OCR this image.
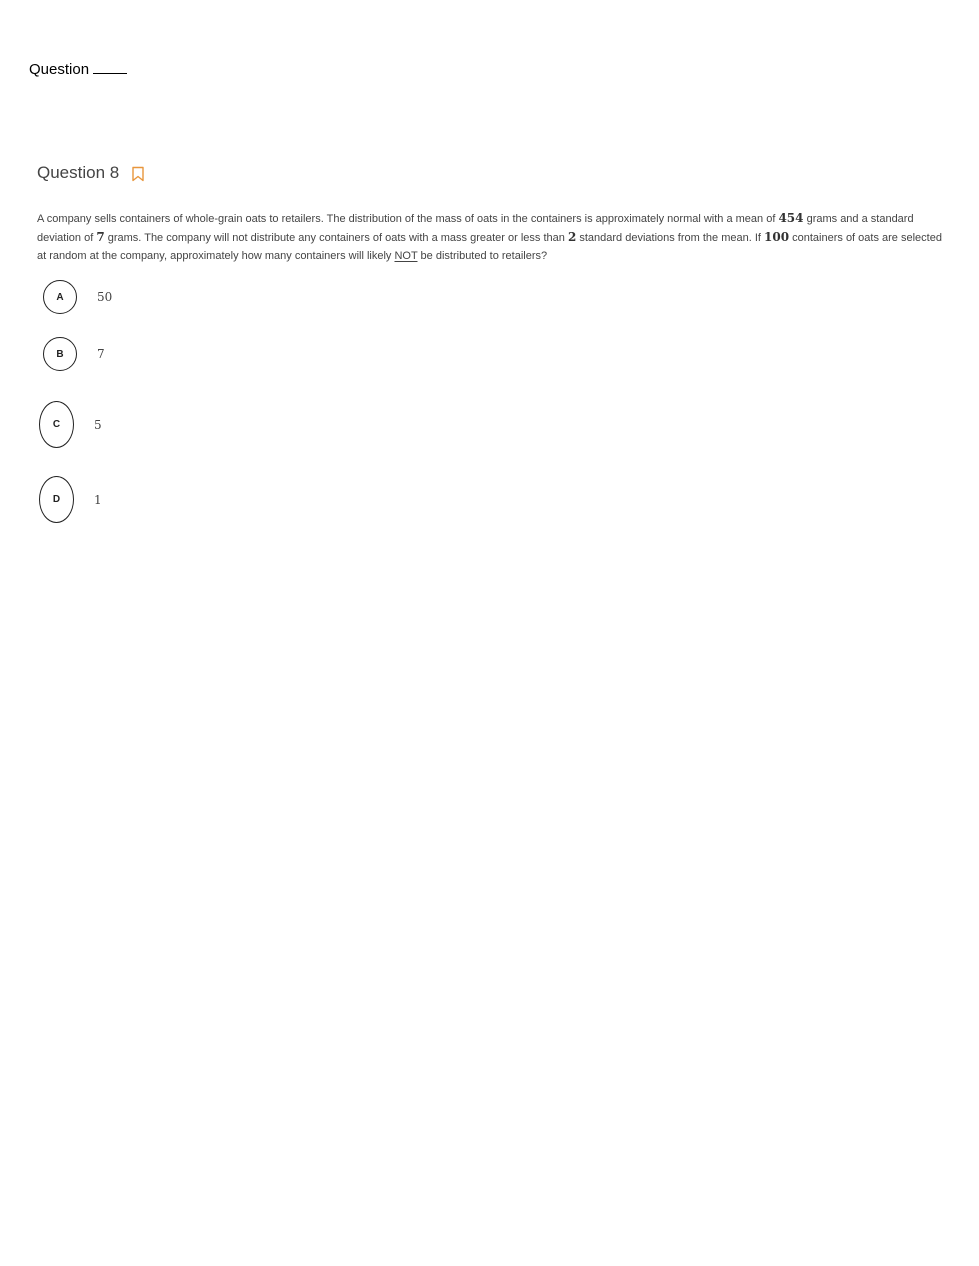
Question
Question 8
A company sells containers of whole-grain oats to retailers. The distribution of the mass of oats in the containers is approximately normal with a mean of 454 grams and a standard deviation of 7 grams. The company will not distribute any containers of oats with a mass greater or less than 2 standard deviations from the mean. If 100 containers of oats are selected at random at the company, approximately how many containers will likely NOT be distributed to retailers?
A	50
B	7
C	5
D	1
